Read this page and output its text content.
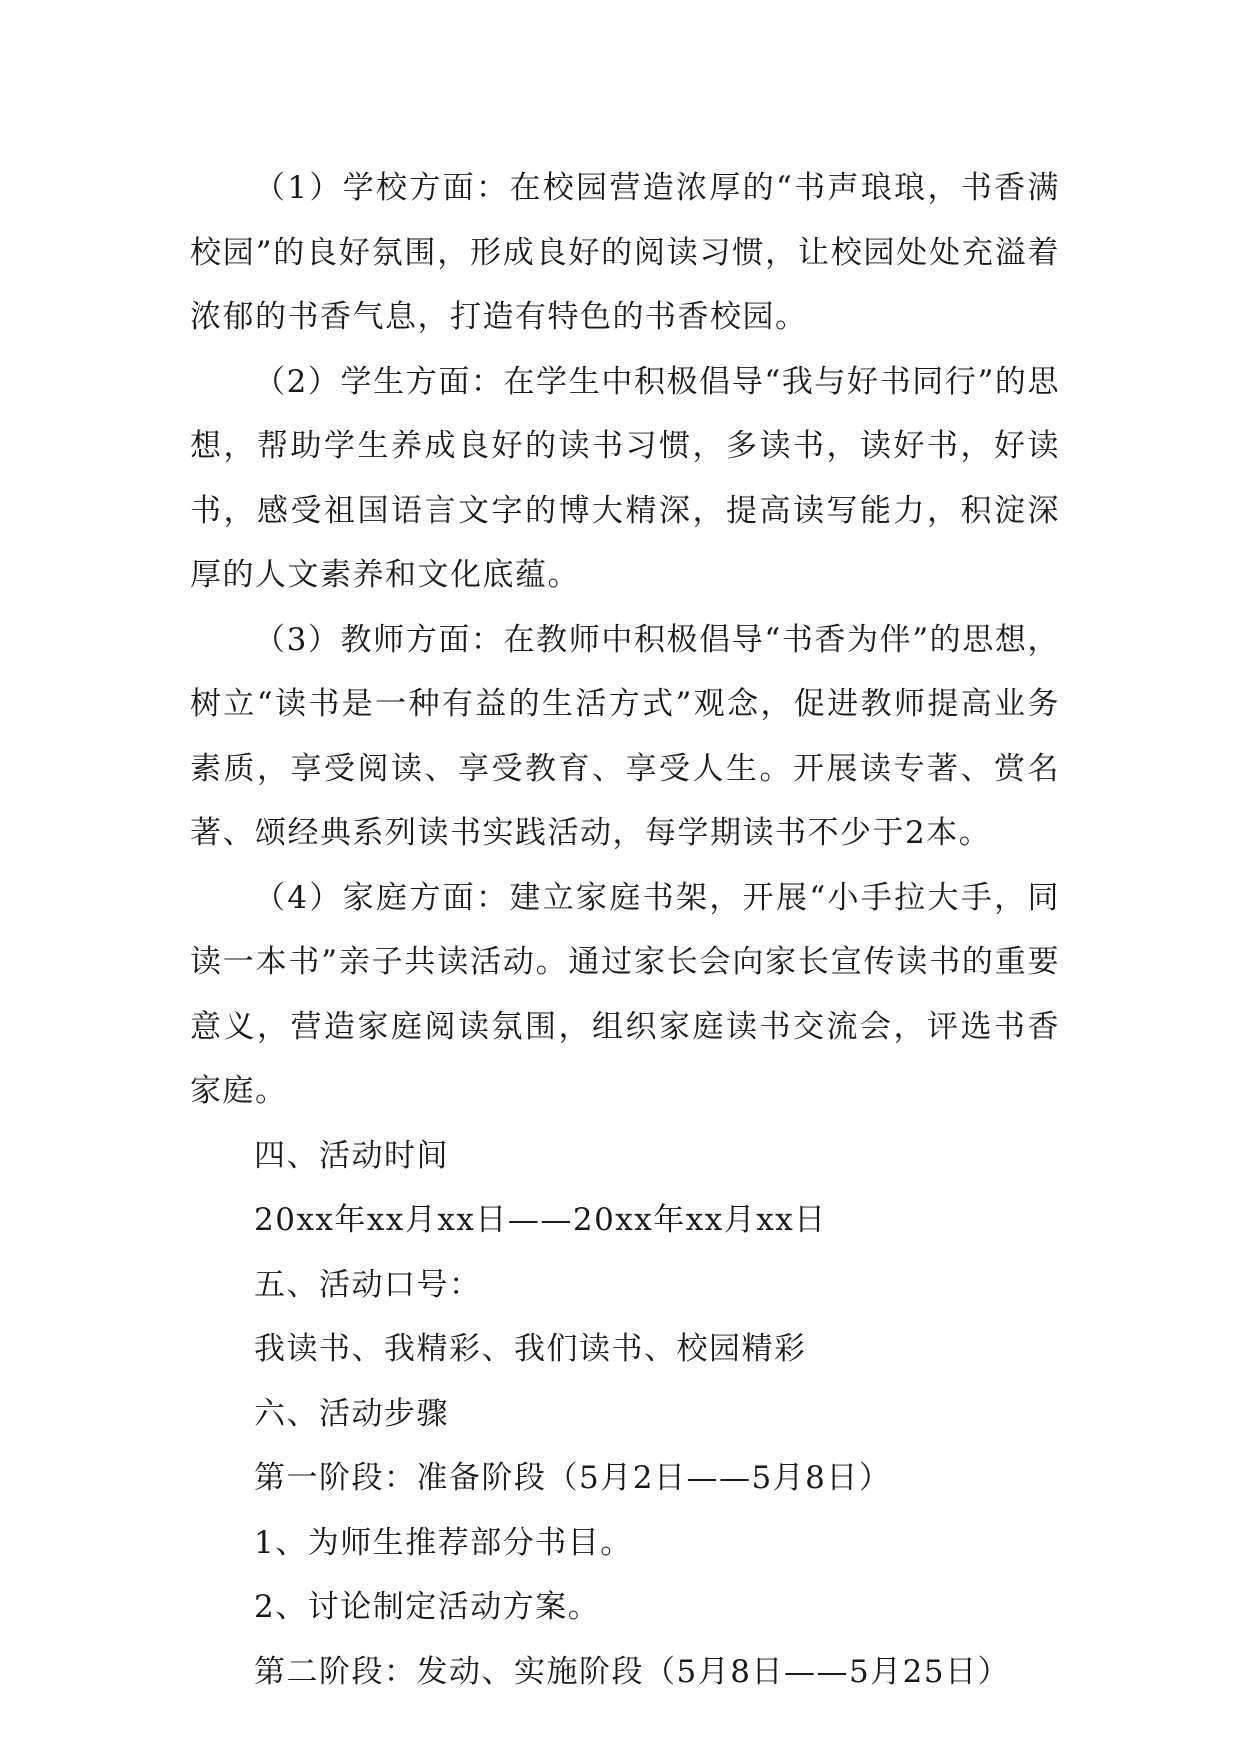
（1）学校方面：在校园营造浓厚的“书声琅琅，书香满校园”的良好氛围，形成良好的阅读习惯，让校园处处充溢着浓郁的书香气息，打造有特色的书香校园。

（2）学生方面：在学生中积极倡导“我与好书同行”的思想，帮助学生养成良好的读书习惯，多读书，读好书，好读书，感受祖国语言文字的博大精深，提高读写能力，积淀深厚的人文素养和文化底蕴。

（3）教师方面：在教师中积极倡导“书香为伴”的思想，树立“读书是一种有益的生活方式”观念，促进教师提高业务素质，享受阅读、享受教育、享受人生。开展读专著、赏名著、颂经典系列读书实践活动，每学期读书不少于2本。

（4）家庭方面：建立家庭书架，开展“小手拉大手，同读一本书”亲子共读活动。通过家长会向家长宣传读书的重要意义，营造家庭阅读氛围，组织家庭读书交流会，评选书香家庭。

四、活动时间

20xx年xx月xx日——20xx年xx月xx日

五、活动口号：

我读书、我精彩、我们读书、校园精彩

六、活动步骤

第一阶段：准备阶段（5月2日——5月8日）

1、为师生推荐部分书目。

2、讨论制定活动方案。

第二阶段：发动、实施阶段（5月8日——5月25日）
